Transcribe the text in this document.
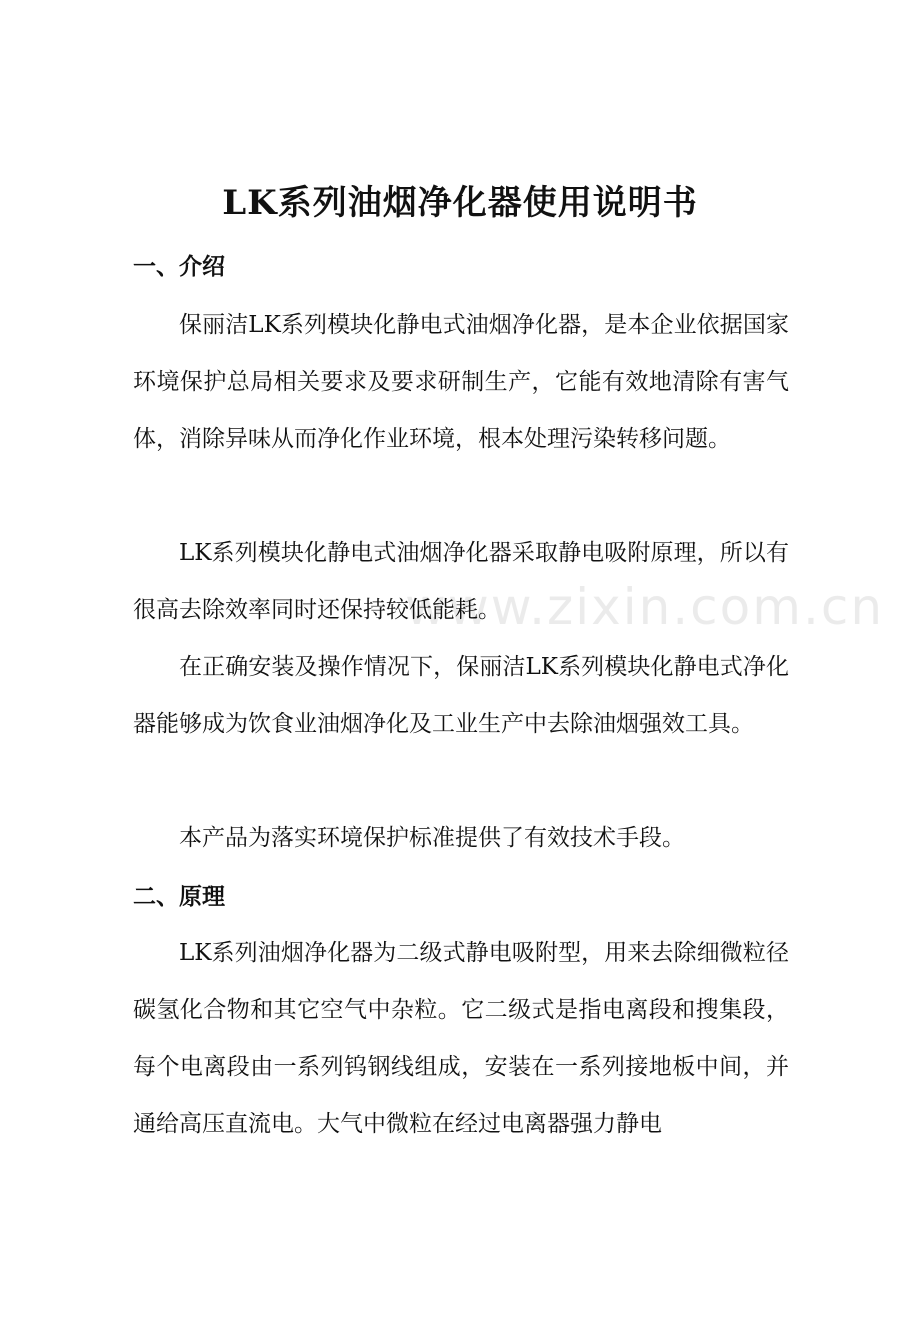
LK系列油烟净化器使用说明书
一、介绍

保丽洁LK系列模块化静电式油烟净化器，是本企业依据国家环境保护总局相关要求及要求研制生产，它能有效地清除有害气体，消除异味从而净化作业环境，根本处理污染转移问题。

LK系列模块化静电式油烟净化器采取静电吸附原理，所以有很高去除效率同时还保持较低能耗。

在正确安装及操作情况下，保丽洁LK系列模块化静电式净化器能够成为饮食业油烟净化及工业生产中去除油烟强效工具。

本产品为落实环境保护标准提供了有效技术手段。

二、原理

LK系列油烟净化器为二级式静电吸附型，用来去除细微粒径碳氢化合物和其它空气中杂粒。它二级式是指电离段和搜集段，每个电离段由一系列钨钢线组成，安装在一系列接地板中间，并通给高压直流电。大气中微粒在经过电离器强力静电

www.zixin.com.cn
